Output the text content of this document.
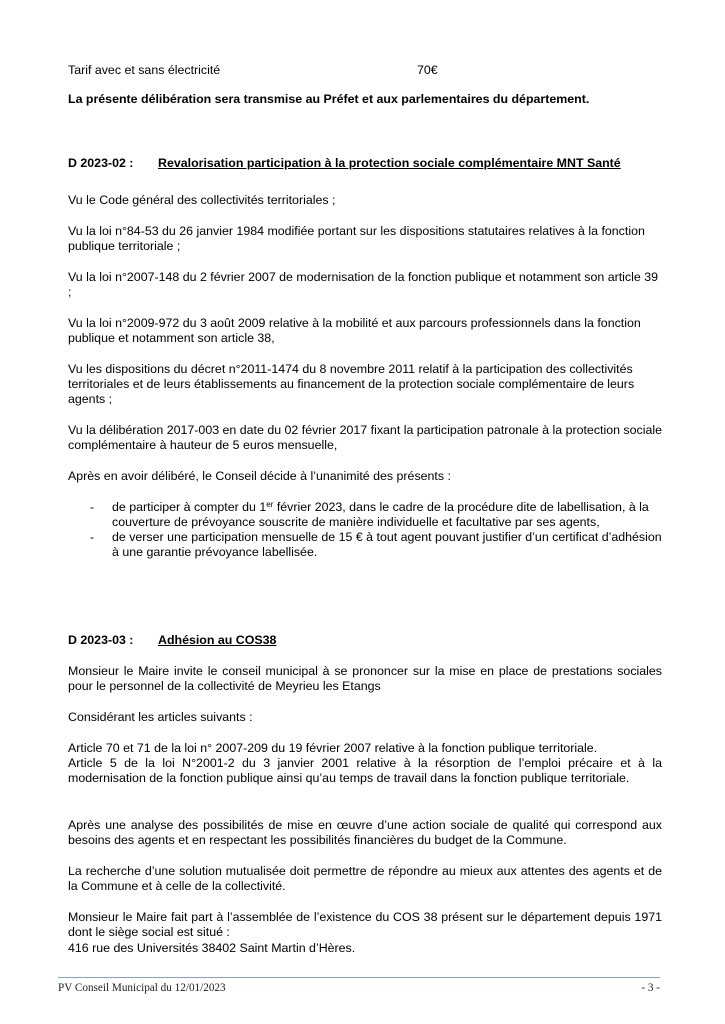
Tarif avec et sans électricité	70€

La présente délibération sera transmise au Préfet et aux parlementaires du département.

D 2023-02 : Revalorisation participation à la protection sociale complémentaire MNT Santé

Vu le Code général des collectivités territoriales ;

Vu la loi n°84-53 du 26 janvier 1984 modifiée portant sur les dispositions statutaires relatives à la fonction publique territoriale ;

Vu la loi n°2007-148 du 2 février 2007 de modernisation de la fonction publique et notamment son article 39 ;

Vu la loi n°2009-972 du 3 août 2009 relative à la mobilité et aux parcours professionnels dans la fonction publique et notamment son article 38,

Vu les dispositions du décret n°2011-1474 du 8 novembre 2011 relatif à la participation des collectivités territoriales et de leurs établissements au financement de la protection sociale complémentaire de leurs agents ;

Vu la délibération 2017-003 en date du 02 février 2017 fixant la participation patronale à la protection sociale complémentaire à hauteur de 5 euros mensuelle,

Après en avoir délibéré, le Conseil décide à l’unanimité des présents :

- de participer à compter du 1er février 2023, dans le cadre de la procédure dite de labellisation, à la couverture de prévoyance souscrite de manière individuelle et facultative par ses agents,
- de verser une participation mensuelle de 15 € à tout agent pouvant justifier d’un certificat d’adhésion à une garantie prévoyance labellisée.
D 2023-03 : Adhésion au COS38

Monsieur le Maire invite le conseil municipal à se prononcer sur la mise en place de prestations sociales pour le personnel de la collectivité de Meyrieu les Etangs

Considérant les articles suivants :

Article 70 et 71 de la loi n° 2007-209 du 19 février 2007 relative à la fonction publique territoriale.

Article 5 de la loi N°2001-2 du 3 janvier 2001 relative à la résorption de l’emploi précaire et à la modernisation de la fonction publique ainsi qu’au temps de travail dans la fonction publique territoriale.

Après une analyse des possibilités de mise en œuvre d’une action sociale de qualité qui correspond aux besoins des agents et en respectant les possibilités financières du budget de la Commune.

La recherche d’une solution mutualisée doit permettre de répondre au mieux aux attentes des agents et de la Commune et à celle de la collectivité.

Monsieur le Maire fait part à l’assemblée de l’existence du COS 38 présent sur le département depuis 1971 dont le siège social est situé :

416 rue des Universités 38402 Saint Martin d’Hères.

PV Conseil Municipal du 12/01/2023	- 3 -
